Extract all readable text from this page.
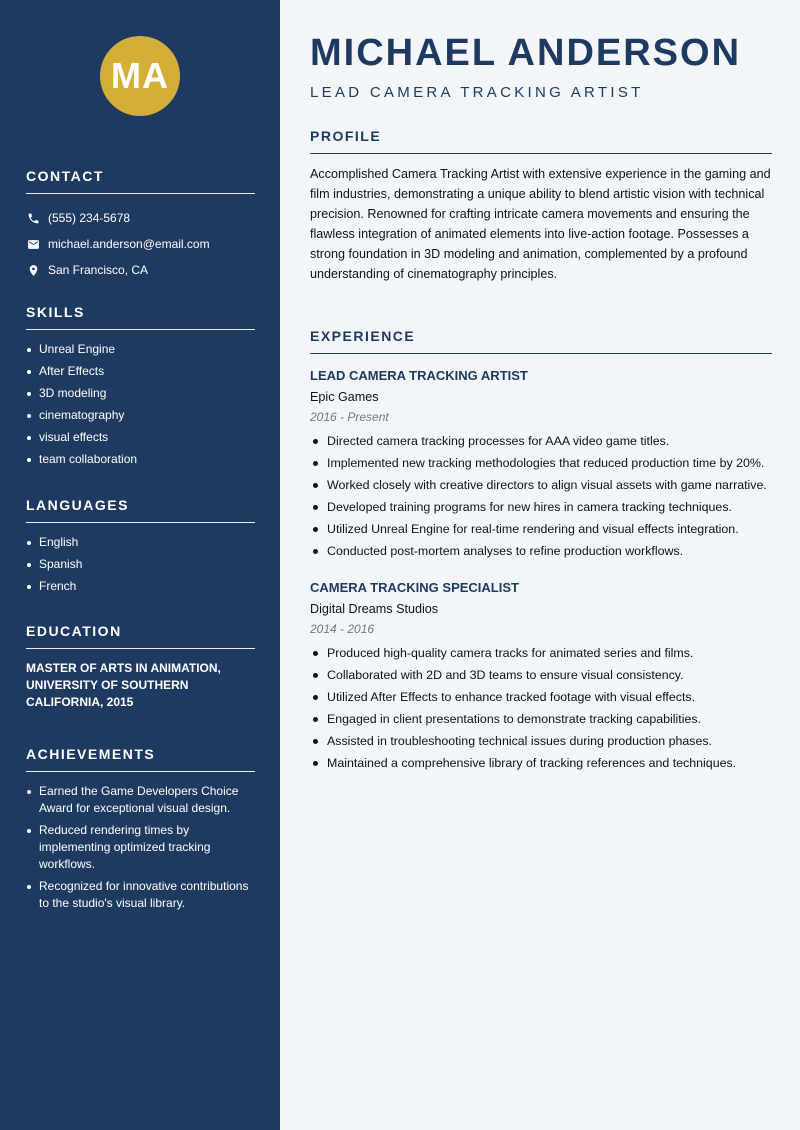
MA
CONTACT
(555) 234-5678
michael.anderson@email.com
San Francisco, CA
SKILLS
Unreal Engine
After Effects
3D modeling
cinematography
visual effects
team collaboration
LANGUAGES
English
Spanish
French
EDUCATION

MASTER OF ARTS IN ANIMATION, UNIVERSITY OF SOUTHERN CALIFORNIA, 2015

ACHIEVEMENTS
Earned the Game Developers Choice Award for exceptional visual design.
Reduced rendering times by implementing optimized tracking workflows.
Recognized for innovative contributions to the studio's visual library.
MICHAEL ANDERSON
LEAD CAMERA TRACKING ARTIST
PROFILE

Accomplished Camera Tracking Artist with extensive experience in the gaming and film industries, demonstrating a unique ability to blend artistic vision with technical precision. Renowned for crafting intricate camera movements and ensuring the flawless integration of animated elements into live-action footage. Possesses a strong foundation in 3D modeling and animation, complemented by a profound understanding of cinematography principles.

EXPERIENCE
LEAD CAMERA TRACKING ARTIST
Epic Games
2016 - Present
Directed camera tracking processes for AAA video game titles.
Implemented new tracking methodologies that reduced production time by 20%.
Worked closely with creative directors to align visual assets with game narrative.
Developed training programs for new hires in camera tracking techniques.
Utilized Unreal Engine for real-time rendering and visual effects integration.
Conducted post-mortem analyses to refine production workflows.
CAMERA TRACKING SPECIALIST
Digital Dreams Studios
2014 - 2016
Produced high-quality camera tracks for animated series and films.
Collaborated with 2D and 3D teams to ensure visual consistency.
Utilized After Effects to enhance tracked footage with visual effects.
Engaged in client presentations to demonstrate tracking capabilities.
Assisted in troubleshooting technical issues during production phases.
Maintained a comprehensive library of tracking references and techniques.
